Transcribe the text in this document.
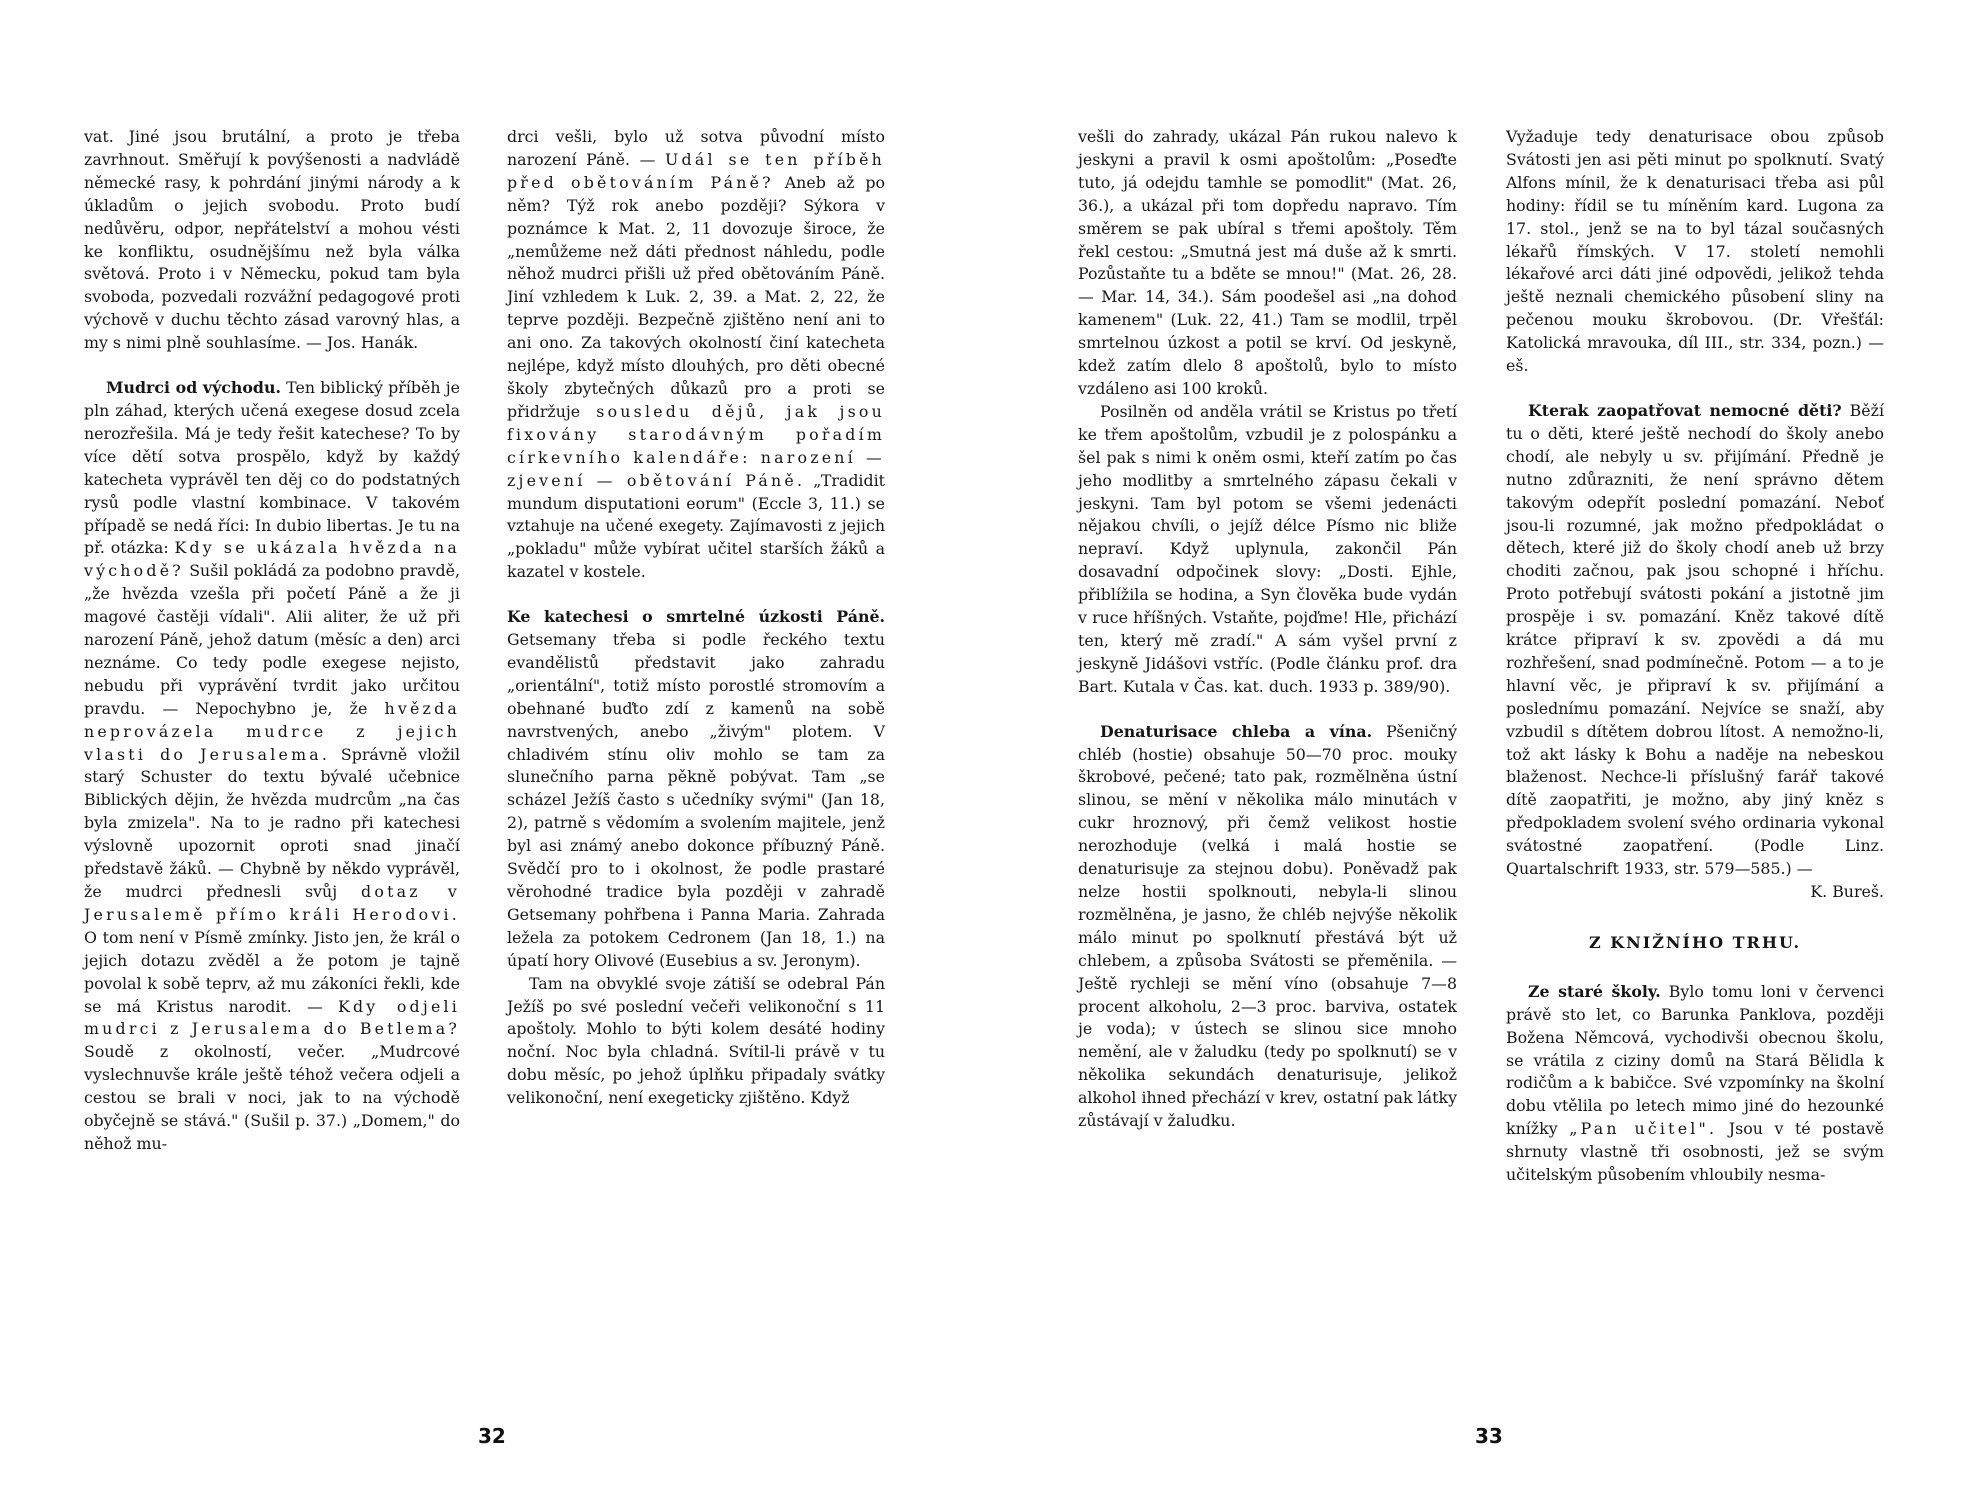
vat. Jiné jsou brutální, a proto je třeba zavrhnout. Směřují k povýšenosti a nadvládě německé rasy, k pohrdání jinými národy a k úkladům o jejich svobodu. Proto budí nedůvěru, odpor, nepřátelství a mohou vésti ke konfliktu, osudnějšímu než byla válka světová. Proto i v Německu, pokud tam byla svoboda, pozvedali rozvážní pedagogové proti výchově v duchu těchto zásad varovný hlas, a my s nimi plně souhlasíme. — Jos. Hanák.

Mudrci od východu. Ten biblický příběh je pln záhad, kterých učená exegese dosud zcela nerozřešila. Má je tedy řešit katechese? To by více dětí sotva prospělo, když by každý katecheta vyprávěl ten děj co do podstatných rysů podle vlastní kombinace. V takovém případě se nedá říci: In dubio libertas. Je tu na př. otázka: Kdy se ukázala hvězda na východě? Sušil pokládá za podobno pravdě, „že hvězda vzešla při početí Páně a že ji magové častěji vídali". Alii aliter, že už při narození Páně, jehož datum (měsíc a den) arci neznáme. Co tedy podle exegese nejisto, nebudu při vyprávění tvrdit jako určitou pravdu. — Nepochybno je, že hvězda neprovázela mudrce z jejich vlasti do Jerusalema. Správně vložil starý Schuster do textu bývalé učebnice Biblických dějin, že hvězda mudrcům „na čas byla zmizela". Na to je radno při katechesi výslovně upozornit oproti snad jinačí představě žáků. — Chybně by někdo vyprávěl, že mudrci přednesli svůj dotaz v Jerusalemě přímo králi Herodovi. O tom není v Písmě zmínky. Jisto jen, že král o jejich dotazu zvěděl a že potom je tajně povolal k sobě teprv, až mu zákoníci řekli, kde se má Kristus narodit. — Kdy odjeli mudrci z Jerusalema do Betlema? Soudě z okolností, večer. „Mudrcové vyslechnuvše krále ještě téhož večera odjeli a cestou se brali v noci, jak to na východě obyčejně se stává." (Sušil p. 37.) „Domem," do něhož mu-

drci vešli, bylo už sotva původní místo narození Páně. — Udál se ten příběh před obětováním Páně? Aneb až po něm? Týž rok anebo později? Sýkora v poznámce k Mat. 2, 11 dovozuje široce, že „nemůžeme než dáti přednost náhledu, podle něhož mudrci přišli už před obětováním Páně. Jiní vzhledem k Luk. 2, 39. a Mat. 2, 22, že teprve později. Bezpečně zjištěno není ani to ani ono. Za takových okolností činí katecheta nejlépe, když místo dlouhých, pro děti obecné školy zbytečných důkazů pro a proti se přidržuje sousledu dějů, jak jsou fixovány starodávným pořadím církevního kalendáře: narození — zjevení — obětování Páně. „Tradidit mundum disputationi eorum" (Eccle 3, 11.) se vztahuje na učené exegety. Zajímavosti z jejich „pokladu" může vybírat učitel starších žáků a kazatel v kostele.

Ke katechesi o smrtelné úzkosti Páně. Getsemany třeba si podle řeckého textu evandělistů představit jako zahradu „orientální", totiž místo porostlé stromovím a obehnané buďto zdí z kamenů na sobě navrstvených, anebo „živým" plotem. V chladivém stínu oliv mohlo se tam za slunečního parna pěkně pobývat. Tam „se scházel Ježíš často s učedníky svými" (Jan 18, 2), patrně s vědomím a svolením majitele, jenž byl asi známý anebo dokonce příbuzný Páně. Svědčí pro to i okolnost, že podle prastaré věrohodné tradice byla později v zahradě Getsemany pohřbena i Panna Maria. Zahrada ležela za potokem Cedronem (Jan 18, 1.) na úpatí hory Olivové (Eusebius a sv. Jeronym).

Tam na obvyklé svoje zátiší se odebral Pán Ježíš po své poslední večeři velikonoční s 11 apoštoly. Mohlo to býti kolem desáté hodiny noční. Noc byla chladná. Svítil-li právě v tu dobu měsíc, po jehož úplňku připadaly svátky velikonoční, není exegeticky zjištěno. Když

32

vešli do zahrady, ukázal Pán rukou nalevo k jeskyni a pravil k osmi apoštolům: „Poseďte tuto, já odejdu tamhle se pomodlit" (Mat. 26, 36.), a ukázal při tom dopředu napravo. Tím směrem se pak ubíral s třemi apoštoly. Těm řekl cestou: „Smutná jest má duše až k smrti. Pozůstaňte tu a bděte se mnou!" (Mat. 26, 28. — Mar. 14, 34.). Sám poodešel asi „na dohod kamenem" (Luk. 22, 41.) Tam se modlil, trpěl smrtelnou úzkost a potil se krví. Od jeskyně, kdež zatím dlelo 8 apoštolů, bylo to místo vzdáleno asi 100 kroků.

Posilněn od anděla vrátil se Kristus po třetí ke třem apoštolům, vzbudil je z polospánku a šel pak s nimi k oněm osmi, kteří zatím po čas jeho modlitby a smrtelného zápasu čekali v jeskyni. Tam byl potom se všemi jedenácti nějakou chvíli, o jejíž délce Písmo nic bliže nepraví. Když uplynula, zakončil Pán dosavadní odpočinek slovy: „Dosti. Ejhle, přiblížila se hodina, a Syn člověka bude vydán v ruce hříšných. Vstaňte, pojďme! Hle, přichází ten, který mě zradí." A sám vyšel první z jeskyně Jidášovi vstříc. (Podle článku prof. dra Bart. Kutala v Čas. kat. duch. 1933 p. 389/90).

Denaturisace chleba a vína. Pšeničný chléb (hostie) obsahuje 50—70 proc. mouky škrobové, pečené; tato pak, rozmělněna ústní slinou, se mění v několika málo minutách v cukr hroznový, při čemž velikost hostie nerozhoduje (velká i malá hostie se denaturisuje za stejnou dobu). Poněvadž pak nelze hostii spolknouti, nebyla-li slinou rozmělněna, je jasno, že chléb nejvýše několik málo minut po spolknutí přestává být už chlebem, a způsoba Svátosti se přeměnila. — Ještě rychleji se mění víno (obsahuje 7—8 procent alkoholu, 2—3 proc. barviva, ostatek je voda); v ústech se slinou sice mnoho nemění, ale v žaludku (tedy po spolknutí) se v několika sekundách denaturisuje, jelikož alkohol ihned přechází v krev, ostatní pak látky zůstávají v žaludku.

Vyžaduje tedy denaturisace obou způsob Svátosti jen asi pěti minut po spolknutí. Svatý Alfons mínil, že k denaturisaci třeba asi půl hodiny: řídil se tu míněním kard. Lugona za 17. stol., jenž se na to byl tázal současných lékařů římských. V 17. století nemohli lékařové arci dáti jiné odpovědi, jelikož tehda ještě neznali chemického působení sliny na pečenou mouku škrobovou. (Dr. Vřešťál: Katolická mravouka, díl III., str. 334, pozn.) —eš.

Kterak zaopatřovat nemocné děti? Běží tu o děti, které ještě nechodí do školy anebo chodí, ale nebyly u sv. přijímání. Předně je nutno zdůrazniti, že není správno dětem takovým odepřít poslední pomazání. Neboť jsou-li rozumné, jak možno předpokládat o dětech, které již do školy chodí aneb už brzy choditi začnou, pak jsou schopné i hříchu. Proto potřebují svátosti pokání a jistotně jim prospěje i sv. pomazání. Kněz takové dítě krátce připraví k sv. zpovědi a dá mu rozhřešení, snad podmínečně. Potom — a to je hlavní věc, je připraví k sv. přijímání a poslednímu pomazání. Nejvíce se snaží, aby vzbudil s dítětem dobrou lítost. A nemožno-li, tož akt lásky k Bohu a naděje na nebeskou blaženost. Nechce-li příslušný farář takové dítě zaopatřiti, je možno, aby jiný kněz s předpokladem svolení svého ordinaria vykonal svátostné zaopatření. (Podle Linz. Quartalschrift 1933, str. 579—585.) —

K. Bureš.

Z KNIŽNÍHO TRHU.

Ze staré školy. Bylo tomu loni v červenci právě sto let, co Barunka Panklova, později Božena Němcová, vychodivši obecnou školu, se vrátila z ciziny domů na Stará Bělidla k rodičům a k babičce. Své vzpomínky na školní dobu vtělila po letech mimo jiné do hezounké knížky „Pan učitel". Jsou v té postavě shrnuty vlastně tři osobnosti, jež se svým učitelským působením vhloubily nesma-

33
